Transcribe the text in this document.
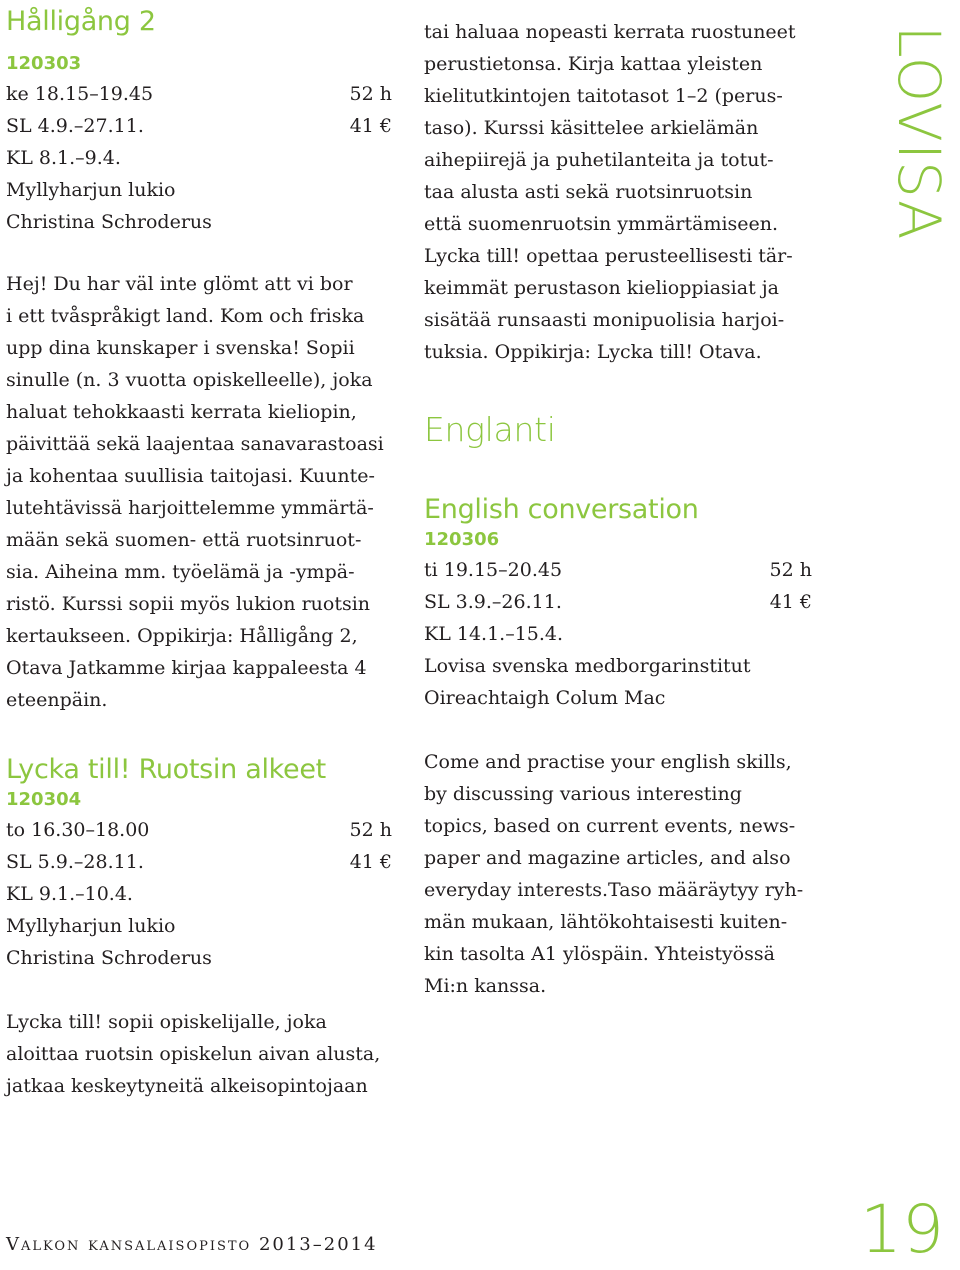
Hålligång 2
120303
ke 18.15–19.45	52 h
SL 4.9.–27.11.	41 €
KL 8.1.–9.4.
Myllyharjun lukio
Christina Schroderus

Hej! Du har väl inte glömt att vi bor
i ett tvåspråkigt land. Kom och friska
upp dina kunskaper i svenska! Sopii
sinulle (n. 3 vuotta opiskelleelle), joka
haluat tehokkaasti kerrata kieliopin,
päivittää sekä laajentaa sanavarastoasi
ja kohentaa suullisia taitojasi. Kuunte-
lutehtävissä harjoittelemme ymmärtä-
mään sekä suomen- että ruotsinruot-
sia. Aiheina mm. työelämä ja -ympä-
ristö. Kurssi sopii myös lukion ruotsin
kertaukseen. Oppikirja: Hålligång 2,
Otava Jatkamme kirjaa kappaleesta 4
eteenpäin.

Lycka till! Ruotsin alkeet
120304
to 16.30–18.00	52 h
SL 5.9.–28.11.	41 €
KL 9.1.–10.4.
Myllyharjun lukio
Christina Schroderus

Lycka till! sopii opiskelijalle, joka
aloittaa ruotsin opiskelun aivan alusta,
jatkaa keskeytyneitä alkeisopintojaan

tai haluaa nopeasti kerrata ruostuneet
perustietonsa. Kirja kattaa yleisten
kielitutkintojen taitotasot 1–2 (perus-
taso). Kurssi käsittelee arkielämän
aihepiirejä ja puhetilanteita ja totut-
taa alusta asti sekä ruotsinruotsin
että suomenruotsin ymmärtämiseen.
Lycka till! opettaa perusteellisesti tär-
keimmät perustason kielioppiasiat ja
sisätää runsaasti monipuolisia harjoi-
tuksia. Oppikirja: Lycka till! Otava.

Englanti
English conversation
120306
ti 19.15–20.45	52 h
SL 3.9.–26.11.	41 €
KL 14.1.–15.4.
Lovisa svenska medborgarinstitut
Oireachtaigh Colum Mac

Come and practise your english skills,
by discussing various interesting
topics, based on current events, news-
paper and magazine articles, and also
everyday interests.Taso määräytyy ryh-
män mukaan, lähtökohtaisesti kuiten-
kin tasolta A1 ylöspäin. Yhteistyössä
Mi:n kanssa.

LOVISA
Valkon kansalaisopisto 2013–2014	19
